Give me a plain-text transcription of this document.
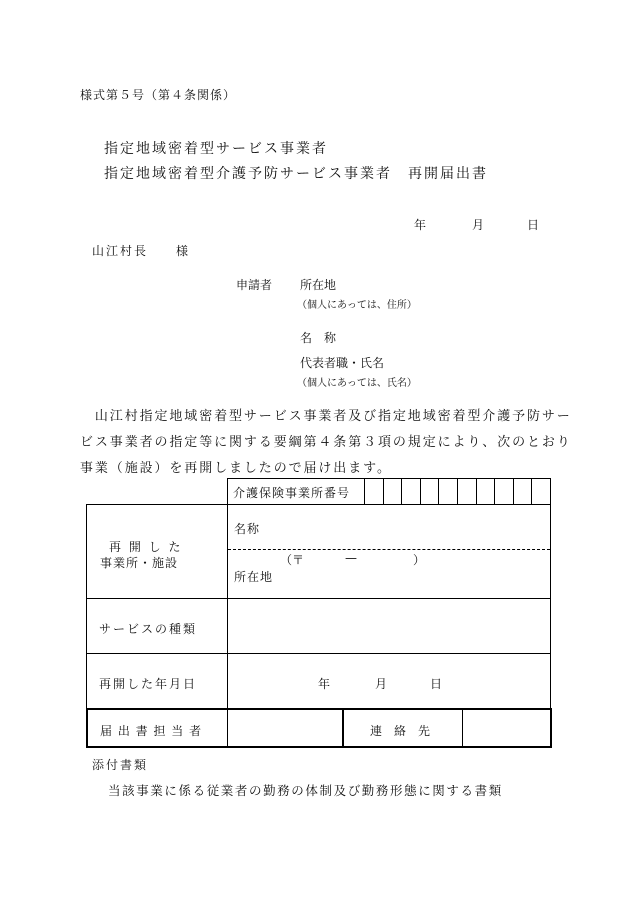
様式第５号（第４条関係）
指定地域密着型サービス事業者
指定地域密着型介護予防サービス事業者　再開届出書
年	月	日
山江村長　　様
申請者 所在地
（個人にあっては、住所）
名　称
代表者職・氏名
（個人にあっては、氏名）
　山江村指定地域密着型サービス事業者及び指定地域密着型介護予防サー
ビス事業者の指定等に関する要綱第４条第３項の規定により、次のとおり
事業（施設）を再開しましたので届け出ます。
介護保険事業所番号
再 開 し た
事業所・施設
名称
（〒	—	）
所在地
サービスの種類
再開した年月日	年	月	日
届 出 書 担 当 者	連　絡　先
添付書類
当該事業に係る従業者の勤務の体制及び勤務形態に関する書類
